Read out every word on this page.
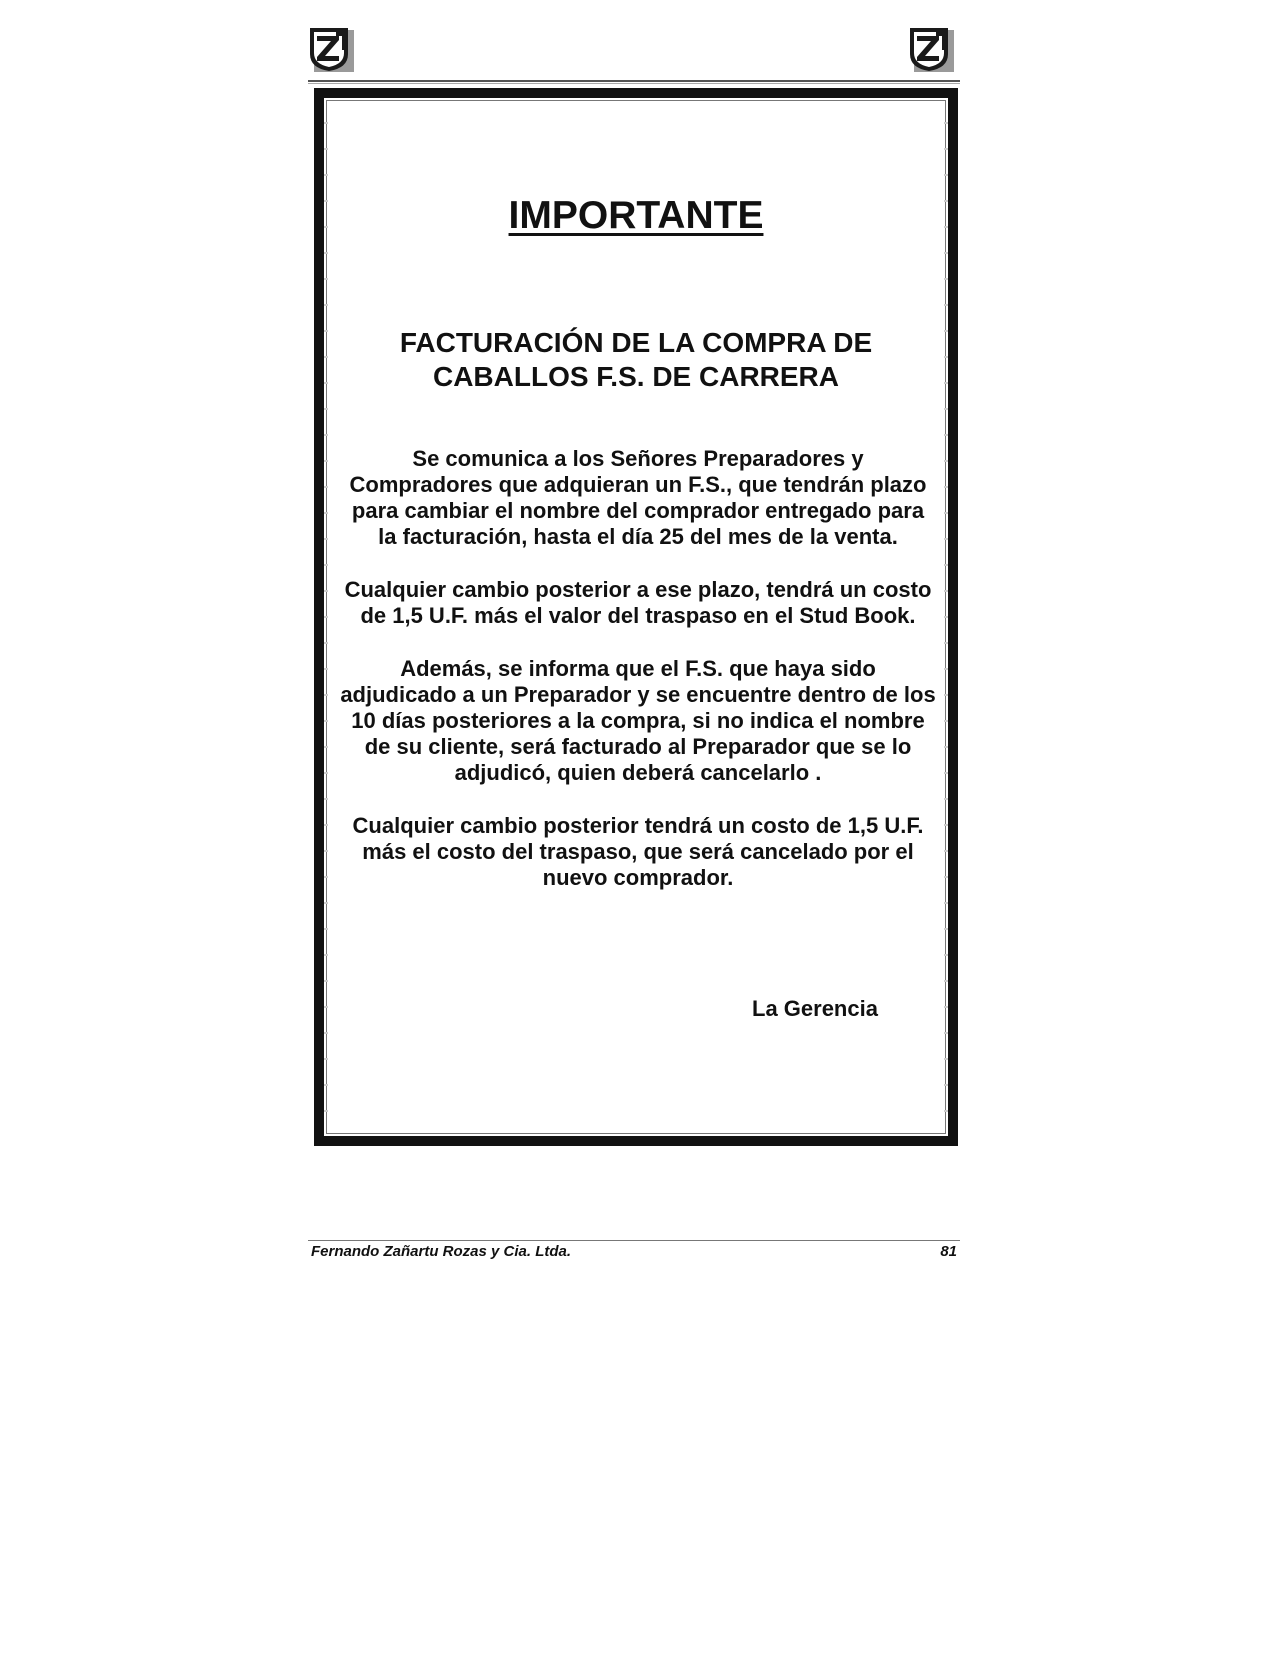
IMPORTANTE
FACTURACIÓN DE LA COMPRA DE
CABALLOS F.S. DE CARRERA
Se comunica a los Señores Preparadores y
Compradores que adquieran un F.S., que tendrán plazo
para cambiar el nombre del comprador entregado para
la facturación, hasta el día 25 del mes de la venta.
Cualquier cambio posterior a ese plazo, tendrá un costo
de 1,5 U.F. más el valor del traspaso en el Stud Book.
Además, se informa que el F.S. que haya sido
adjudicado a un Preparador y se encuentre dentro de los
10 días posteriores a la compra, si no indica el nombre
de su cliente, será facturado al Preparador que se lo
adjudicó, quien deberá cancelarlo .
Cualquier cambio posterior tendrá un costo de 1,5 U.F.
más el costo del traspaso, que será cancelado por el
nuevo comprador.
La Gerencia
Fernando Zañartu Rozas y Cia. Ltda.	81
